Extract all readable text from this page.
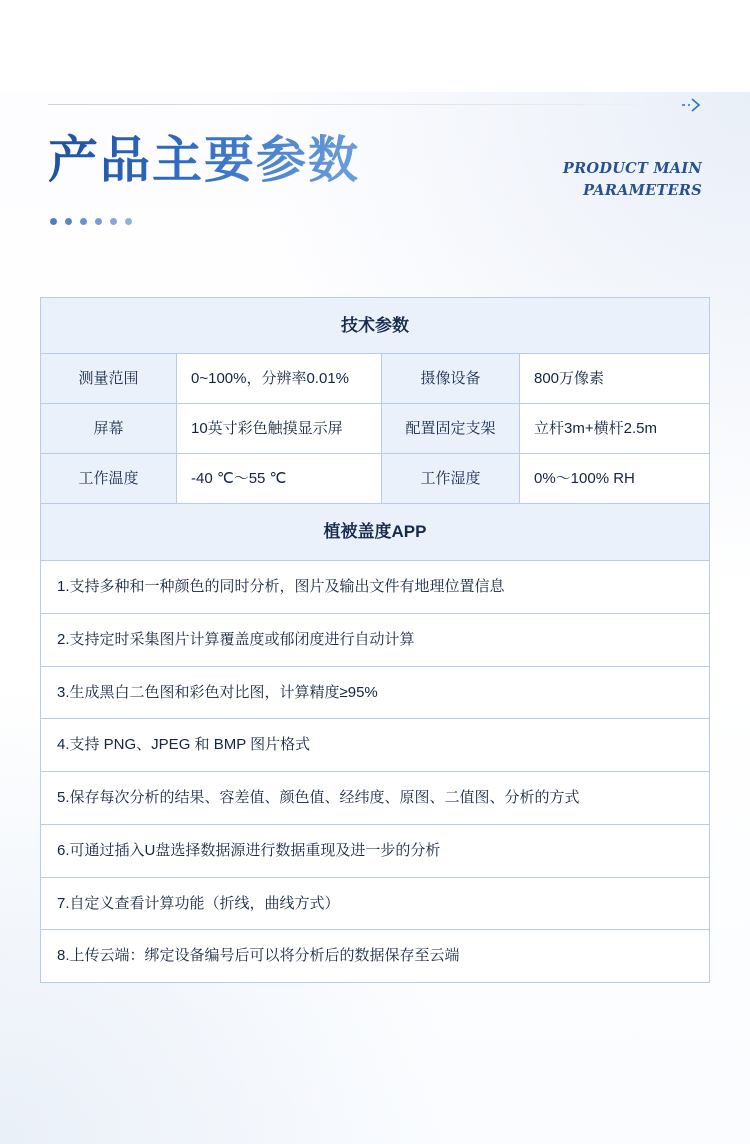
产品主要参数	PRODUCT MAIN
PARAMETERS
技术参数
测量范围	0~100%，分辨率0.01%	摄像设备	800万像素
屏幕	10英寸彩色触摸显示屏	配置固定支架	立杆3m+横杆2.5m
工作温度	-40 ℃～55 ℃	工作湿度	0%～100% RH
植被盖度APP
1.支持多种和一种颜色的同时分析，图片及输出文件有地理位置信息
2.支持定时采集图片计算覆盖度或郁闭度进行自动计算
3.生成黑白二色图和彩色对比图，计算精度≥95%
4.支持 PNG、JPEG 和 BMP 图片格式
5.保存每次分析的结果、容差值、颜色值、经纬度、原图、二值图、分析的方式
6.可通过插入U盘选择数据源进行数据重现及进一步的分析
7.自定义查看计算功能（折线，曲线方式）
8.上传云端：绑定设备编号后可以将分析后的数据保存至云端
